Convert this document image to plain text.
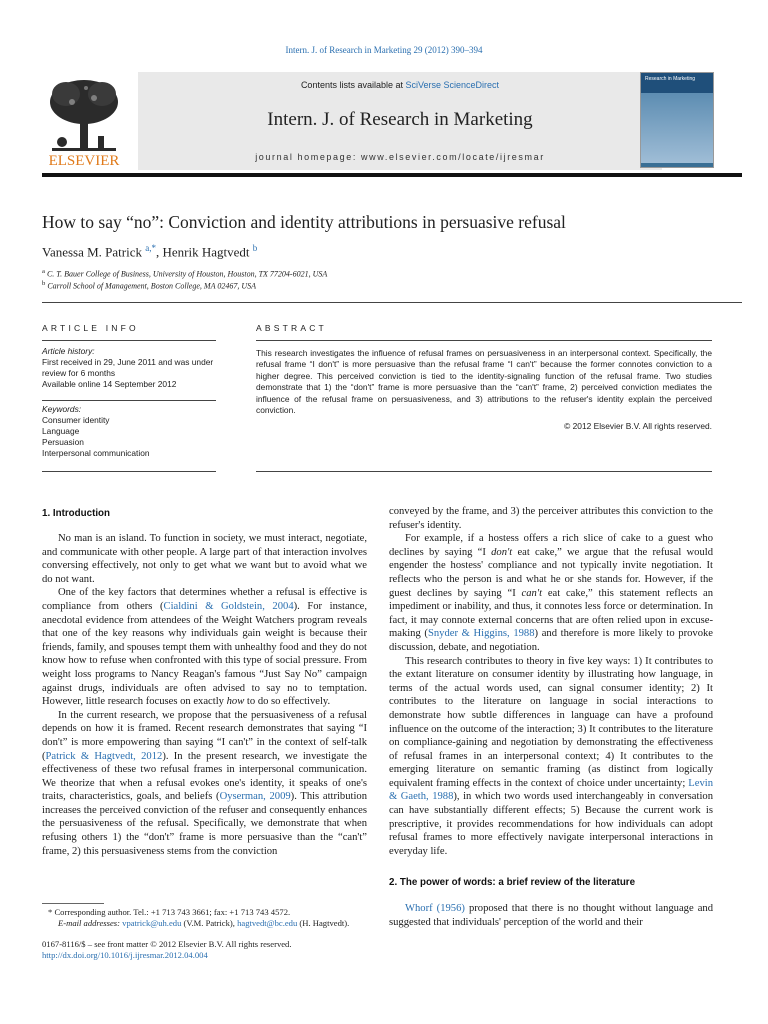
Intern. J. of Research in Marketing 29 (2012) 390–394
ELSEVIER
Contents lists available at SciVerse ScienceDirect
Intern. J. of Research in Marketing
journal homepage: www.elsevier.com/locate/ijresmar
Research in Marketing
How to say “no”: Conviction and identity attributions in persuasive refusal
Vanessa M. Patrick $^{a,*}$, Henrik Hagtvedt $^b$
$^a$ C. T. Bauer College of Business, University of Houston, Houston, TX 77204-6021, USA
$^b$ Carroll School of Management, Boston College, MA 02467, USA
ARTICLE INFO	ABSTRACT
Article history:
First received in 29, June 2011 and was under
review for 6 months
Available online 14 September 2012
Keywords:
Consumer identity
Language
Persuasion
Interpersonal communication
This research investigates the influence of refusal frames on persuasiveness in an interpersonal context. Specifically, the refusal frame “I don't” is more persuasive than the refusal frame “I can't” because the former connotes conviction to a higher degree. This perceived conviction is tied to the identity-signaling function of the refusal frame. Two studies demonstrate that 1) the “don't” frame is more persuasive than the “can't” frame, 2) perceived conviction mediates the influence of the refusal frame on persuasiveness, and 3) attributions to the refuser's identity explain the perceived conviction.
© 2012 Elsevier B.V. All rights reserved.
1. Introduction

No man is an island. To function in society, we must interact, negotiate, and communicate with other people. A large part of that interaction involves conversing effectively, not only to get what we want but to avoid what we do not want.

One of the key factors that determines whether a refusal is effective is compliance from others (Cialdini & Goldstein, 2004). For instance, anecdotal evidence from attendees of the Weight Watchers program reveals that one of the key reasons why individuals gain weight is because their friends, family, and spouses tempt them with unhealthy food and they do not know how to refuse when confronted with this type of social pressure. From weight loss programs to Nancy Reagan's famous “Just Say No” campaign against drugs, individuals are often advised to say no to temptation. However, little research focuses on exactly how to do so effectively.

In the current research, we propose that the persuasiveness of a refusal depends on how it is framed. Recent research demonstrates that saying “I don't” is more empowering than saying “I can't” in the context of self-talk (Patrick & Hagtvedt, 2012). In the present research, we investigate the effectiveness of these two refusal frames in interpersonal communication. We theorize that when a refusal evokes one's identity, it speaks of one's traits, characteristics, goals, and beliefs (Oyserman, 2009). This attribution increases the perceived conviction of the refuser and consequently enhances the persuasiveness of the refusal. Specifically, we demonstrate that when refusing others 1) the “don't” frame is more persuasive than the “can't” frame, 2) this persuasiveness stems from the conviction

* Corresponding author. Tel.: +1 713 743 3661; fax: +1 713 743 4572.
E-mail addresses: vpatrick@uh.edu (V.M. Patrick), hagtvedt@bc.edu (H. Hagtvedt).
0167-8116/$ – see front matter © 2012 Elsevier B.V. All rights reserved.
http://dx.doi.org/10.1016/j.ijresmar.2012.04.004

conveyed by the frame, and 3) the perceiver attributes this conviction to the refuser's identity.

For example, if a hostess offers a rich slice of cake to a guest who declines by saying “I don't eat cake,” we argue that the refusal would engender the hostess' compliance and not typically invite negotiation. It reflects who the person is and what he or she stands for. However, if the guest declines by saying “I can't eat cake,” this statement reflects an impediment or inability, and thus, it connotes less force or determination. In fact, it may connote external concerns that are often relied upon in excuse-making (Snyder & Higgins, 1988) and therefore is more likely to provoke discussion, debate, and negotiation.

This research contributes to theory in five key ways: 1) It contributes to the extant literature on consumer identity by illustrating how language, in terms of the actual words used, can signal consumer identity; 2) It contributes to the literature on language in social interactions to demonstrate how subtle differences in language can have a profound influence on the outcome of the interaction; 3) It contributes to the literature on compliance-gaining and negotiation by demonstrating the effectiveness of refusal frames in an interpersonal context; 4) It contributes to the emerging literature on semantic framing (as distinct from logically equivalent framing effects in the context of choice under uncertainty; Levin & Gaeth, 1988), in which two words used interchangeably in conversation can have substantially different effects; 5) Because the current work is prescriptive, it provides recommendations for how individuals can adopt refusal frames to more effectively navigate interpersonal interactions in everyday life.

2. The power of words: a brief review of the literature

Whorf (1956) proposed that there is no thought without language and suggested that individuals' perception of the world and their
